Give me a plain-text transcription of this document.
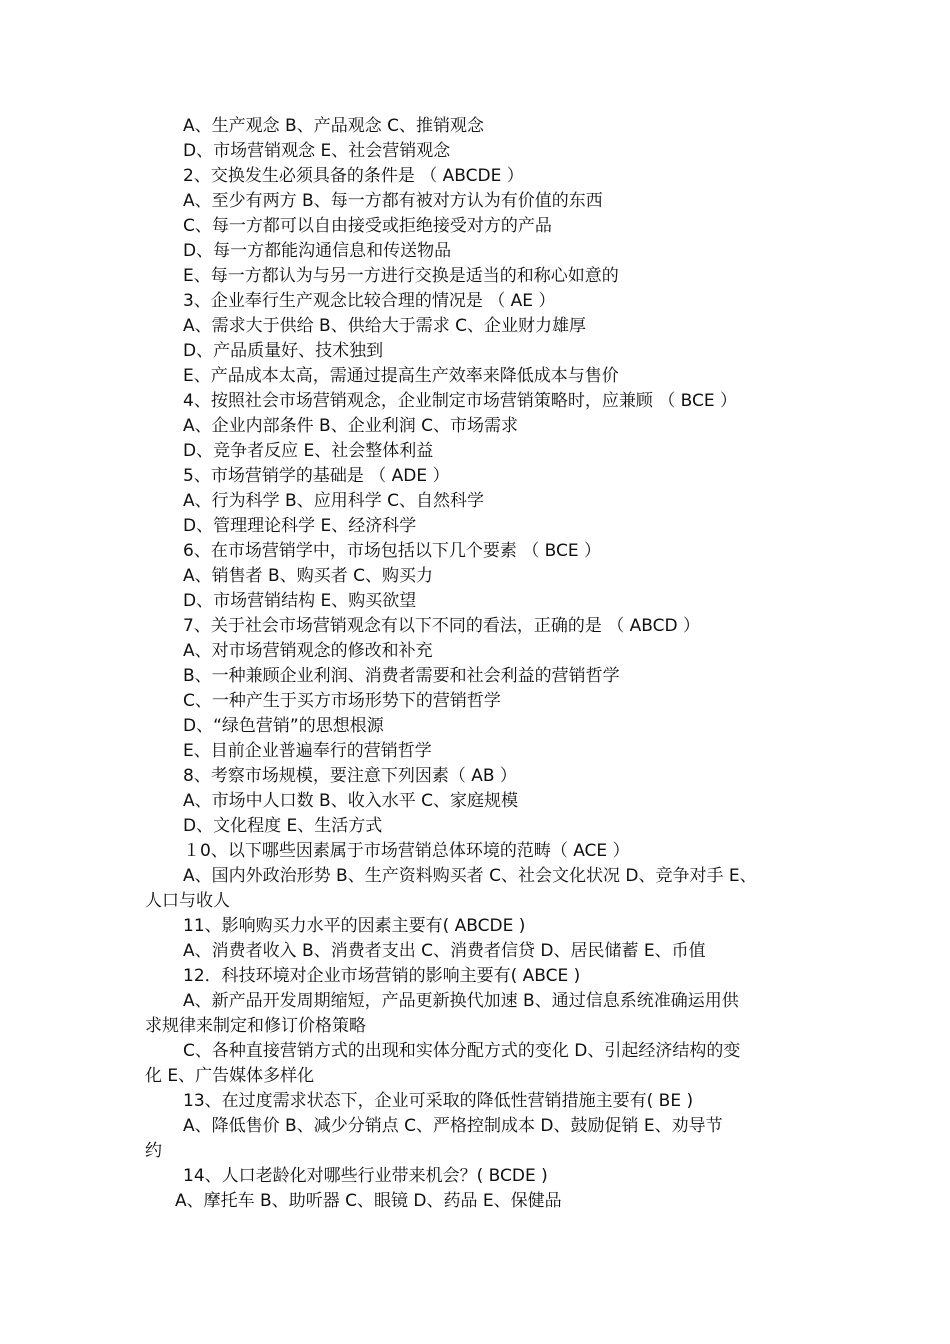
A、生产观念 B、产品观念 C、推销观念
D、市场营销观念 E、社会营销观念
2、交换发生必须具备的条件是 （ ABCDE ）
A、至少有两方 B、每一方都有被对方认为有价值的东西
C、每一方都可以自由接受或拒绝接受对方的产品
D、每一方都能沟通信息和传送物品
E、每一方都认为与另一方进行交换是适当的和称心如意的
3、企业奉行生产观念比较合理的情况是 （ AE ）
A、需求大于供给 B、供给大于需求 C、企业财力雄厚
D、产品质量好、技术独到
E、产品成本太高，需通过提高生产效率来降低成本与售价
4、按照社会市场营销观念，企业制定市场营销策略时，应兼顾 （ BCE ）
A、企业内部条件 B、企业利润 C、市场需求
D、竞争者反应 E、社会整体利益
5、市场营销学的基础是 （ ADE ）
A、行为科学 B、应用科学 C、自然科学
D、管理理论科学 E、经济科学
6、在市场营销学中，市场包括以下几个要素 （ BCE ）
A、销售者 B、购买者 C、购买力
D、市场营销结构 E、购买欲望
7、关于社会市场营销观念有以下不同的看法，正确的是 （ ABCD ）
A、对市场营销观念的修改和补充
B、一种兼顾企业利润、消费者需要和社会利益的营销哲学
C、一种产生于买方市场形势下的营销哲学
D、“绿色营销”的思想根源
E、目前企业普遍奉行的营销哲学
8、考察市场规模，要注意下列因素（ AB ）
A、市场中人口数 B、收入水平 C、家庭规模
D、文化程度 E、生活方式
１0、以下哪些因素属于市场营销总体环境的范畴（ ACE ）
A、国内外政治形势 B、生产资料购买者 C、社会文化状况 D、竞争对手 E、
人口与收人
11、影响购买力水平的因素主要有( ABCDE )
A、消费者收入 B、消费者支出 C、消费者信贷 D、居民储蓄 E、币值
12．科技环境对企业市场营销的影响主要有( ABCE )
A、新产品开发周期缩短，产品更新换代加速 B、通过信息系统准确运用供
求规律来制定和修订价格策略
C、各种直接营销方式的出现和实体分配方式的变化 D、引起经济结构的变
化 E、广告媒体多样化
13、在过度需求状态下，企业可采取的降低性营销措施主要有( BE )
A、降低售价 B、减少分销点 C、严格控制成本 D、鼓励促销 E、劝导节
约
14、人口老龄化对哪些行业带来机会？( BCDE )
A、摩托车 B、助听器 C、眼镜 D、药品 E、保健品
